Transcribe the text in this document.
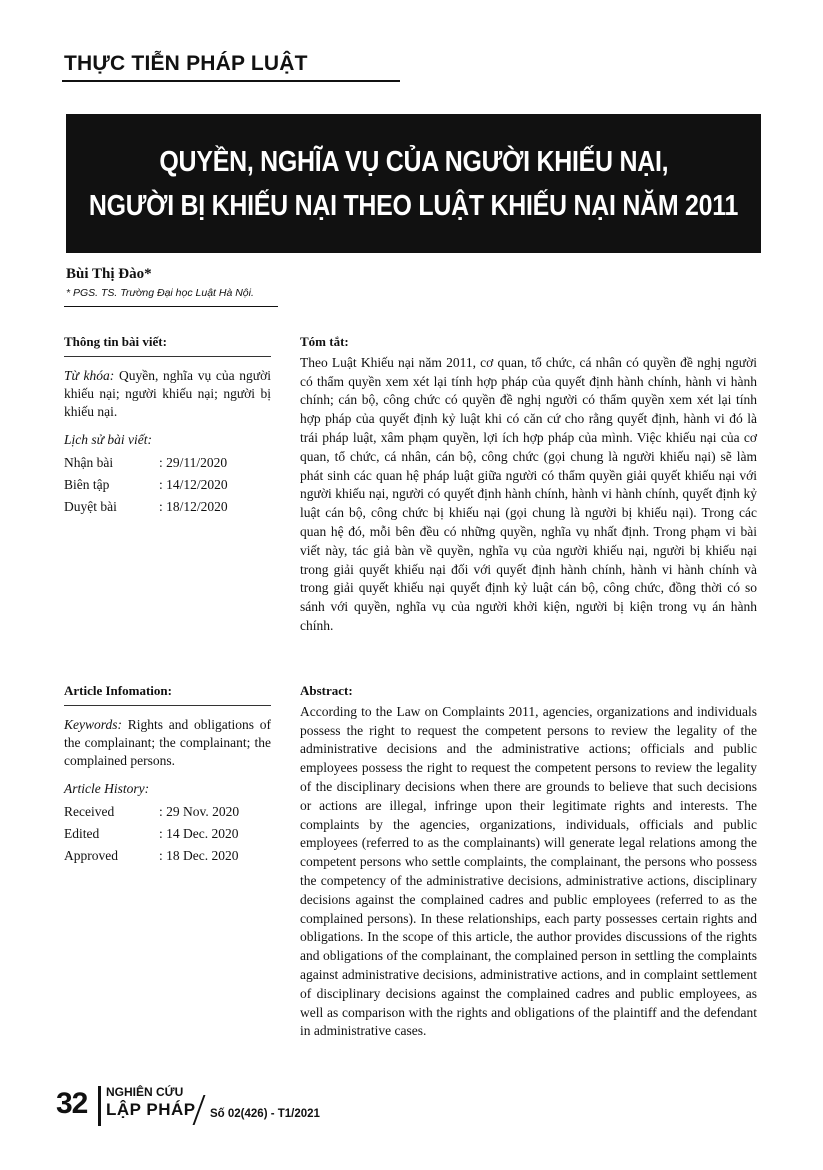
THỰC TIỄN PHÁP LUẬT
QUYỀN, NGHĨA VỤ CỦA NGƯỜI KHIẾU NẠI,
NGƯỜI BỊ KHIẾU NẠI THEO LUẬT KHIẾU NẠI NĂM 2011
Bùi Thị Đào*
* PGS. TS. Trường Đại học Luật Hà Nội.
Thông tin bài viết:
Từ khóa: Quyền, nghĩa vụ của người khiếu nại; người khiếu nại; người bị khiếu nại.
Lịch sử bài viết:
Nhận bài	: 29/11/2020
Biên tập	: 14/12/2020
Duyệt bài	: 18/12/2020
Tóm tắt:
Theo Luật Khiếu nại năm 2011, cơ quan, tổ chức, cá nhân có quyền đề nghị người có thẩm quyền xem xét lại tính hợp pháp của quyết định hành chính, hành vi hành chính; cán bộ, công chức có quyền đề nghị người có thẩm quyền xem xét lại tính hợp pháp của quyết định kỷ luật khi có căn cứ cho rằng quyết định, hành vi đó là trái pháp luật, xâm phạm quyền, lợi ích hợp pháp của mình. Việc khiếu nại của cơ quan, tổ chức, cá nhân, cán bộ, công chức (gọi chung là người khiếu nại) sẽ làm phát sinh các quan hệ pháp luật giữa người có thẩm quyền giải quyết khiếu nại với người khiếu nại, người có quyết định hành chính, hành vi hành chính, quyết định kỷ luật cán bộ, công chức bị khiếu nại (gọi chung là người bị khiếu nại). Trong các quan hệ đó, mỗi bên đều có những quyền, nghĩa vụ nhất định. Trong phạm vi bài viết này, tác giả bàn về quyền, nghĩa vụ của người khiếu nại, người bị khiếu nại trong giải quyết khiếu nại đối với quyết định hành chính, hành vi hành chính và trong giải quyết khiếu nại quyết định kỷ luật cán bộ, công chức, đồng thời có so sánh với quyền, nghĩa vụ của người khởi kiện, người bị kiện trong vụ án hành chính.
Article Infomation:
Keywords: Rights and obligations of the complainant; the complainant; the complained persons.
Article History:
Received	: 29 Nov. 2020
Edited	: 14 Dec. 2020
Approved	: 18 Dec. 2020
Abstract:
According to the Law on Complaints 2011, agencies, organizations and individuals possess the right to request the competent persons to review the legality of the administrative decisions and the administrative actions; officials and public employees possess the right to request the competent persons to review the legality of the disciplinary decisions when there are grounds to believe that such decisions or actions are illegal, infringe upon their legitimate rights and interests. The complaints by the agencies, organizations, individuals, officials and public employees (referred to as the complainants) will generate legal relations among the competent persons who settle complaints, the complainant, the persons who possess the competency of the administrative decisions, administrative actions, disciplinary decisions against the complained cadres and public employees (referred to as the complained persons). In these relationships, each party possesses certain rights and obligations. In the scope of this article, the author provides discussions of the rights and obligations of the complainant, the complained person in settling the complaints against administrative decisions, administrative actions, and in complaint settlement of disciplinary decisions against the complained cadres and public employees, as well as comparison with the rights and obligations of the plaintiff and the defendant in administrative cases.
32 NGHIÊN CỨU
LẬP PHÁP Số 02(426) - T1/2021
